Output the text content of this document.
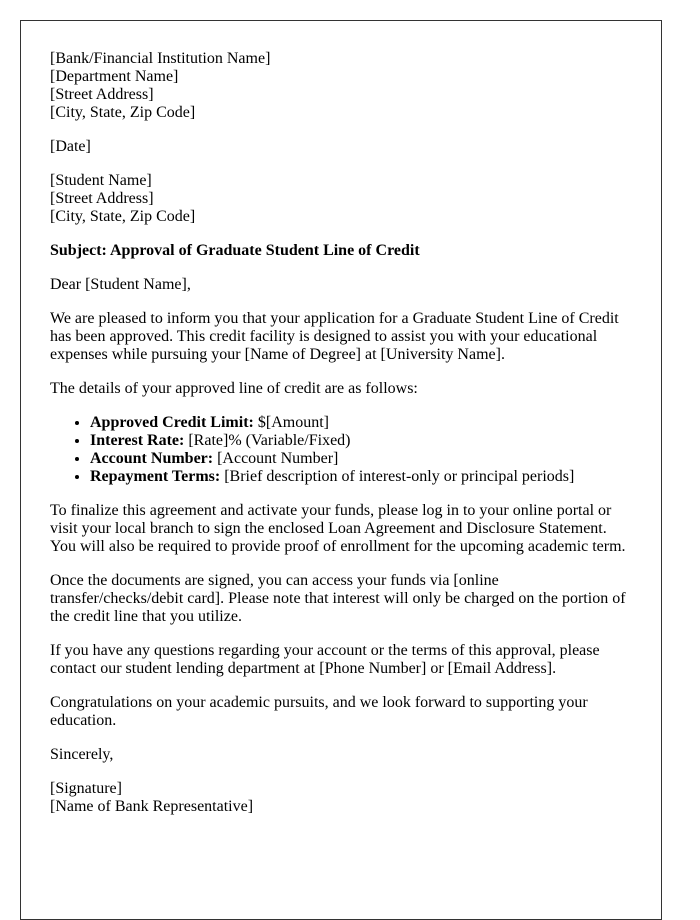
[Bank/Financial Institution Name]
[Department Name]
[Street Address]
[City, State, Zip Code]
[Date]
[Student Name]
[Street Address]
[City, State, Zip Code]
Subject: Approval of Graduate Student Line of Credit
Dear [Student Name],

We are pleased to inform you that your application for a Graduate Student Line of Credit has been approved. This credit facility is designed to assist you with your educational expenses while pursuing your [Name of Degree] at [University Name].

The details of your approved line of credit are as follows:

• Approved Credit Limit: $[Amount]
• Interest Rate: [Rate]% (Variable/Fixed)
• Account Number: [Account Number]
• Repayment Terms: [Brief description of interest-only or principal periods]

To finalize this agreement and activate your funds, please log in to your online portal or visit your local branch to sign the enclosed Loan Agreement and Disclosure Statement. You will also be required to provide proof of enrollment for the upcoming academic term.

Once the documents are signed, you can access your funds via [online transfer/checks/debit card]. Please note that interest will only be charged on the portion of the credit line that you utilize.

If you have any questions regarding your account or the terms of this approval, please contact our student lending department at [Phone Number] or [Email Address].

Congratulations on your academic pursuits, and we look forward to supporting your education.

Sincerely,
[Signature]
[Name of Bank Representative]
